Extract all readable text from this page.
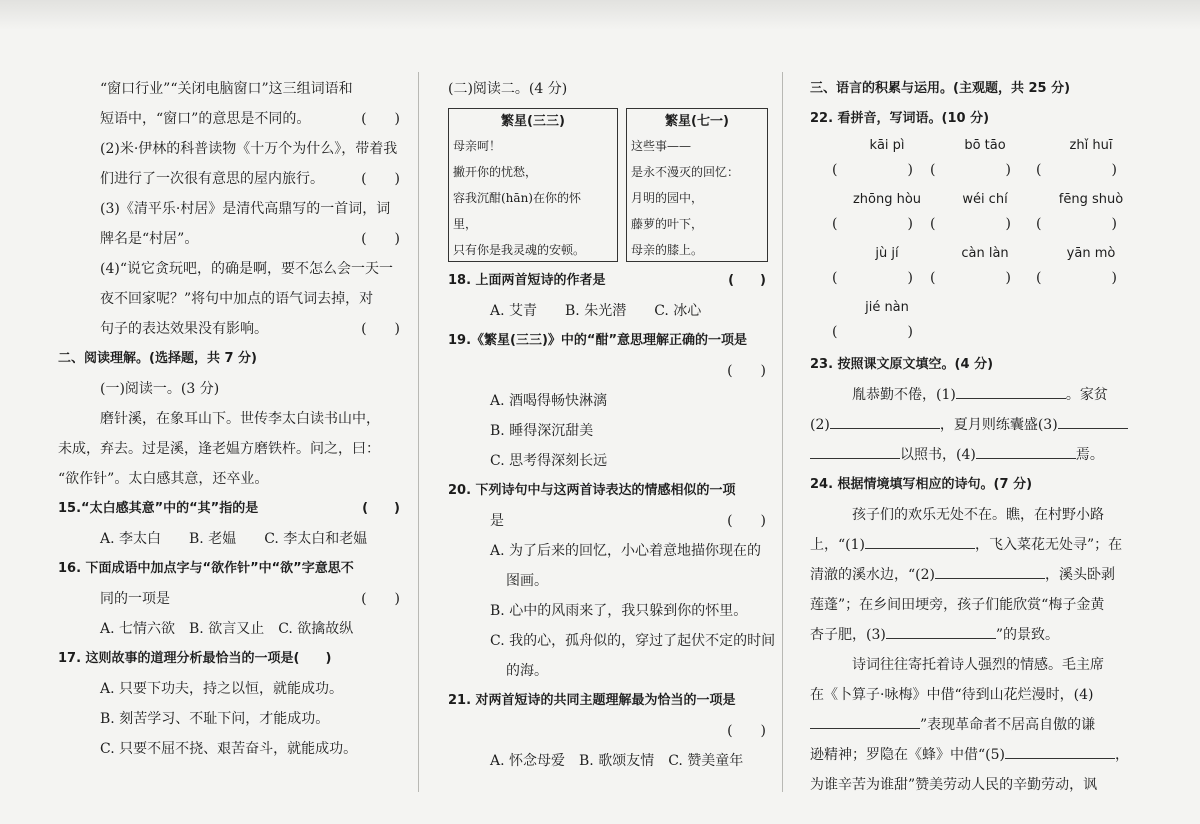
“窗口行业”“关闭电脑窗口”这三组词语和
短语中，“窗口”的意思是不同的。	(　　)
(2)米·伊林的科普读物《十万个为什么》，带着我
们进行了一次很有意思的屋内旅行。	(　　)
(3)《清平乐·村居》是清代高鼎写的一首词，词
牌名是“村居”。	(　　)
(4)“说它贪玩吧，的确是啊，要不怎么会一天一
夜不回家呢？”将句中加点的语气词去掉，对
句子的表达效果没有影响。	(　　)
二、阅读理解。(选择题，共 7 分)
(一)阅读一。(3 分)
磨针溪，在象耳山下。世传李太白读书山中，
未成，弃去。过是溪，逢老媪方磨铁杵。问之，曰：
“欲作针”。太白感其意，还卒业。
15.“太白感其意”中的“其”指的是	(　　)
A. 李太白　　B. 老媪　　C. 李太白和老媪
16. 下面成语中加点字与“欲作针”中“欲”字意思不
同的一项是	(　　)
A. 七情六欲　B. 欲言又止　C. 欲擒故纵
17. 这则故事的道理分析最恰当的一项是(　　)
A. 只要下功夫，持之以恒，就能成功。
B. 刻苦学习、不耻下问，才能成功。
C. 只要不屈不挠、艰苦奋斗，就能成功。
(二)阅读二。(4 分)
繁星(三三)
母亲呵！
撇开你的忧愁，
容我沉酣(hān)在你的怀
里，
只有你是我灵魂的安顿。
繁星(七一)
这些事——
是永不漫灭的回忆：
月明的园中，
藤萝的叶下，
母亲的膝上。
18. 上面两首短诗的作者是	(　　)
A. 艾青　　B. 朱光潜　　C. 冰心
19.《繁星(三三)》中的“酣”意思理解正确的一项是
(　　)
A. 酒喝得畅快淋漓
B. 睡得深沉甜美
C. 思考得深刻长远
20. 下列诗句中与这两首诗表达的情感相似的一项
是	(　　)
A. 为了后来的回忆，小心着意地描你现在的
图画。
B. 心中的风雨来了，我只躲到你的怀里。
C. 我的心，孤舟似的，穿过了起伏不定的时间
的海。
21. 对两首短诗的共同主题理解最为恰当的一项是
(　　)
A. 怀念母爱　B. 歌颂友情　C. 赞美童年
三、语言的积累与运用。(主观题，共 25 分)
22. 看拼音，写词语。(10 分)
kāi pì
(　　　　　)
bō tāo
(　　　　　)
zhǐ huī
(　　　　　)
zhōng hòu
(　　　　　)
wéi chí
(　　　　　)
fēng shuò
(　　　　　)
jù jí
(　　　　　)
càn làn
(　　　　　)
yān mò
(　　　　　)
jié nàn
(　　　　　)
23. 按照课文原文填空。(4 分)
胤恭勤不倦，(1)	。家贫
(2)	，夏月则练囊盛(3)
以照书，(4)	焉。
24. 根据情境填写相应的诗句。(7 分)
孩子们的欢乐无处不在。瞧，在村野小路
上，“(1)	，飞入菜花无处寻”；在
清澈的溪水边，“(2)	，溪头卧剥
莲蓬”；在乡间田埂旁，孩子们能欣赏“梅子金黄
杏子肥，(3)	”的景致。
诗词往往寄托着诗人强烈的情感。毛主席
在《卜算子·咏梅》中借“待到山花烂漫时，(4)
”表现革命者不居高自傲的谦
逊精神；罗隐在《蜂》中借“(5)	，
为谁辛苦为谁甜”赞美劳动人民的辛勤劳动，讽
